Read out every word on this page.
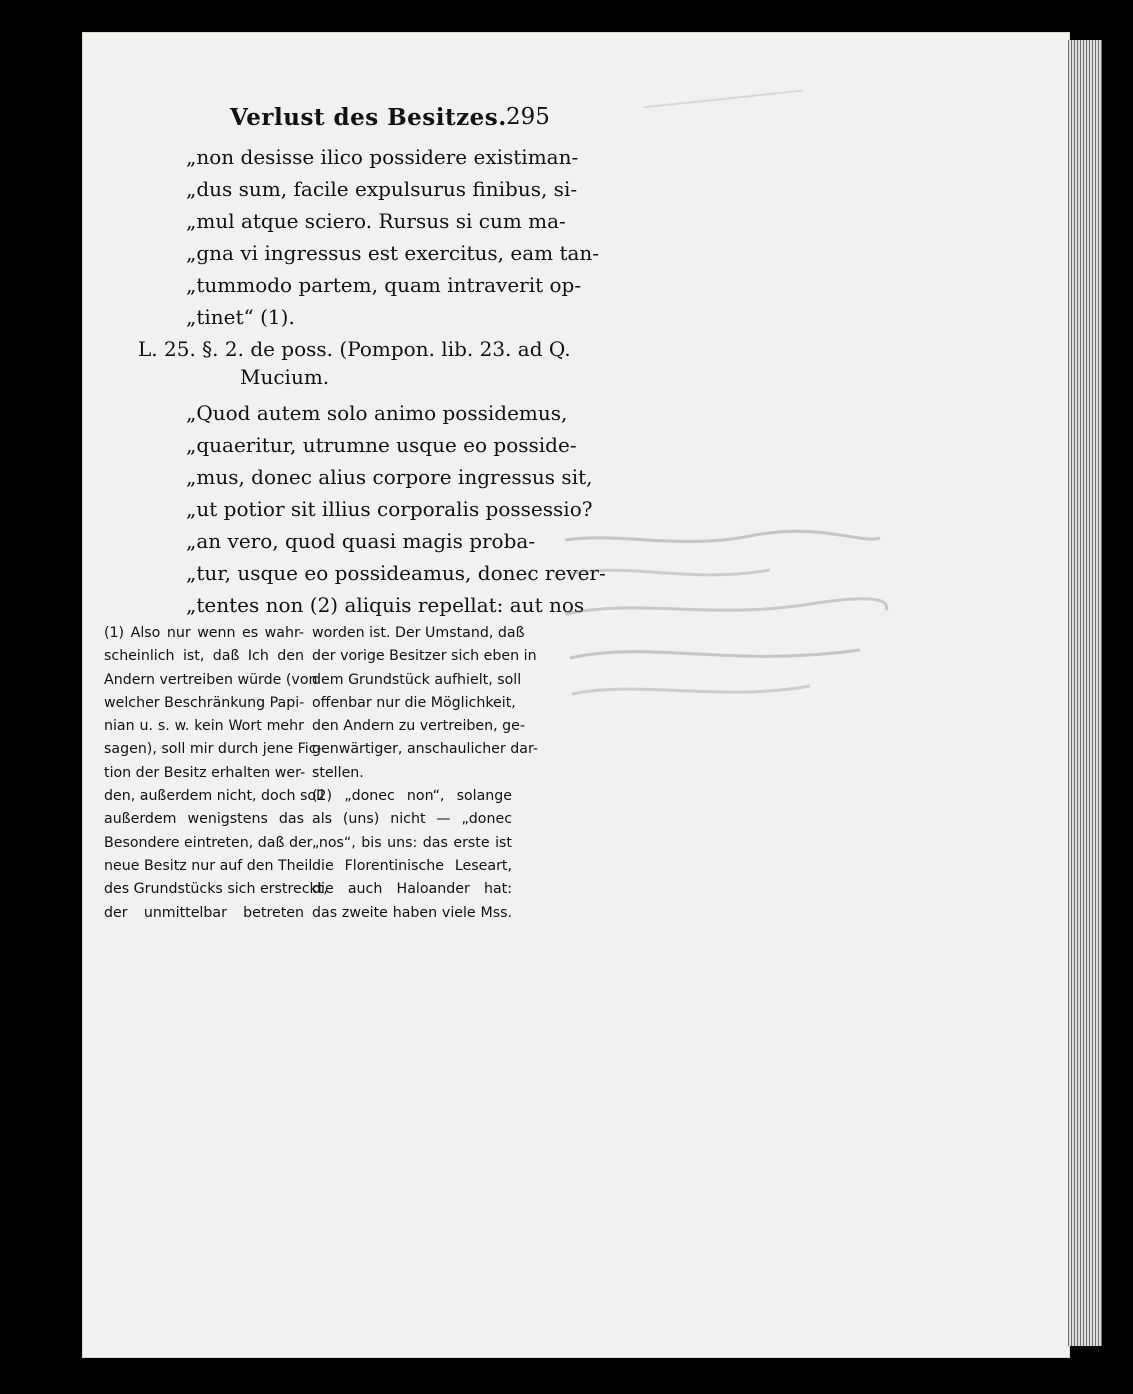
Verlust des Besitzes. 295
„non desisse ilico possidere existiman-
„dus sum, facile expulsurus finibus, si-
„mul atque sciero. Rursus si cum ma-
„gna vi ingressus est exercitus, eam tan-
„tummodo partem, quam intraverit op-
„tinet“ (1).
L. 25. §. 2. de poss. (Pompon. lib. 23. ad Q.
Mucium.
„Quod autem solo animo possidemus,
„quaeritur, utrumne usque eo posside-
„mus, donec alius corpore ingressus sit,
„ut potior sit illius corporalis possessio?
„an vero, quod quasi magis proba-
„tur, usque eo possideamus, donec rever-
„tentes non (2) aliquis repellat: aut nos
(1) Also nur wenn es wahr-
scheinlich ist, daß Ich den
Andern vertreiben würde (von
welcher Beschränkung Papi-
nian u. s. w. kein Wort mehr
sagen), soll mir durch jene Fic-
tion der Besitz erhalten wer-
den, außerdem nicht, doch soll
außerdem wenigstens das
Besondere eintreten, daß der
neue Besitz nur auf den Theil
des Grundstücks sich erstreckt,
der unmittelbar betreten
worden ist. Der Umstand, daß
der vorige Besitzer sich eben in
dem Grundstück aufhielt, soll
offenbar nur die Möglichkeit,
den Andern zu vertreiben, ge-
genwärtiger, anschaulicher dar-
stellen.
(2) „donec non“, solange
als (uns) nicht — „donec
„nos“, bis uns: das erste ist
die Florentinische Leseart,
die auch Haloander hat:
das zweite haben viele Mss.
